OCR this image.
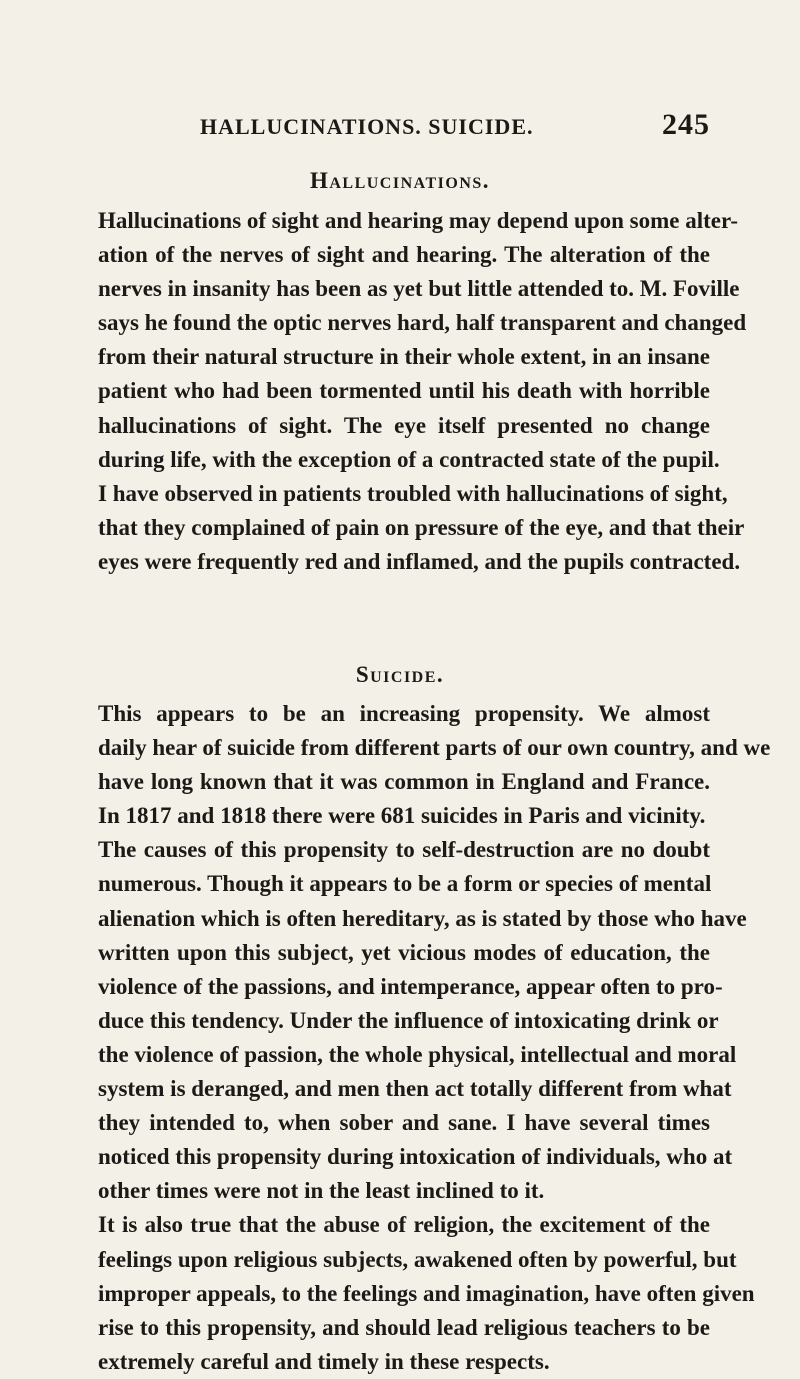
HALLUCINATIONS. SUICIDE.	245
Hallucinations.
Hallucinations of sight and hearing may depend upon some alter-
ation of the nerves of sight and hearing. The alteration of the
nerves in insanity has been as yet but little attended to. M. Foville
says he found the optic nerves hard, half transparent and changed
from their natural structure in their whole extent, in an insane
patient who had been tormented until his death with horrible
hallucinations of sight. The eye itself presented no change
during life, with the exception of a contracted state of the pupil.
I have observed in patients troubled with hallucinations of sight,
that they complained of pain on pressure of the eye, and that their
eyes were frequently red and inflamed, and the pupils contracted.
Suicide.
This appears to be an increasing propensity. We almost
daily hear of suicide from different parts of our own country, and we
have long known that it was common in England and France.
In 1817 and 1818 there were 681 suicides in Paris and vicinity.
The causes of this propensity to self-destruction are no doubt
numerous. Though it appears to be a form or species of mental
alienation which is often hereditary, as is stated by those who have
written upon this subject, yet vicious modes of education, the
violence of the passions, and intemperance, appear often to pro-
duce this tendency. Under the influence of intoxicating drink or
the violence of passion, the whole physical, intellectual and moral
system is deranged, and men then act totally different from what
they intended to, when sober and sane. I have several times
noticed this propensity during intoxication of individuals, who at
other times were not in the least inclined to it.
It is also true that the abuse of religion, the excitement of the
feelings upon religious subjects, awakened often by powerful, but
improper appeals, to the feelings and imagination, have often given
rise to this propensity, and should lead religious teachers to be
extremely careful and timely in these respects.
